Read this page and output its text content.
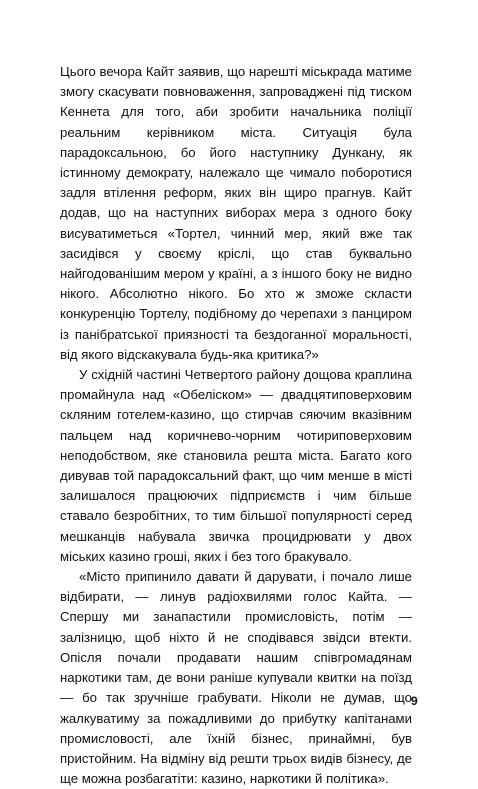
Цього вечора Кайт заявив, що нарешті міськрада матиме змогу скасувати повноваження, запроваджені під тиском Кеннета для того, аби зробити начальника поліції реальним керівником міста. Ситуація була парадоксальною, бо його наступнику Дункану, як істинному демократу, належало ще чимало поборотися задля втілення реформ, яких він щиро прагнув. Кайт додав, що на наступних виборах мера з одного боку висуватиметься «Тортел, чинний мер, який вже так засидівся у своєму кріслі, що став буквально найгодованішим мером у країні, а з іншого боку не видно нікого. Абсолютно нікого. Бо хто ж зможе скласти конкуренцію Тортелу, подібному до черепахи з панциром із панібратської приязності та бездоганної моральності, від якого відскакувала будь-яка критика?»

У східній частині Четвертого району дощова краплина промайнула над «Обеліском» — двадцятиповерховим скляним готелем-казино, що стирчав сяючим вказівним пальцем над коричнево-чорним чотириповерховим неподобством, яке становила решта міста. Багато кого дивував той парадоксальний факт, що чим менше в місті залишалося працюючих підприємств і чим більше ставало безробітних, то тим більшої популярності серед мешканців набувала звичка процидрювати у двох міських казино гроші, яких і без того бракувало.

«Місто припинило давати й дарувати, і почало лише відбирати, — линув радіохвилями голос Кайта. — Спершу ми занапастили промисловість, потім — залізницю, щоб ніхто й не сподівався звідси втекти. Опісля почали продавати нашим співгромадянам наркотики там, де вони раніше купували квитки на поїзд — бо так зручніше грабувати. Ніколи не думав, що жалкуватиму за пожадливими до прибутку капітанами промисловості, але їхній бізнес, принаймні, був пристойним. На відміну від решти трьох видів бізнесу, де ще можна розбагатіти: казино, наркотики й політика».

9
